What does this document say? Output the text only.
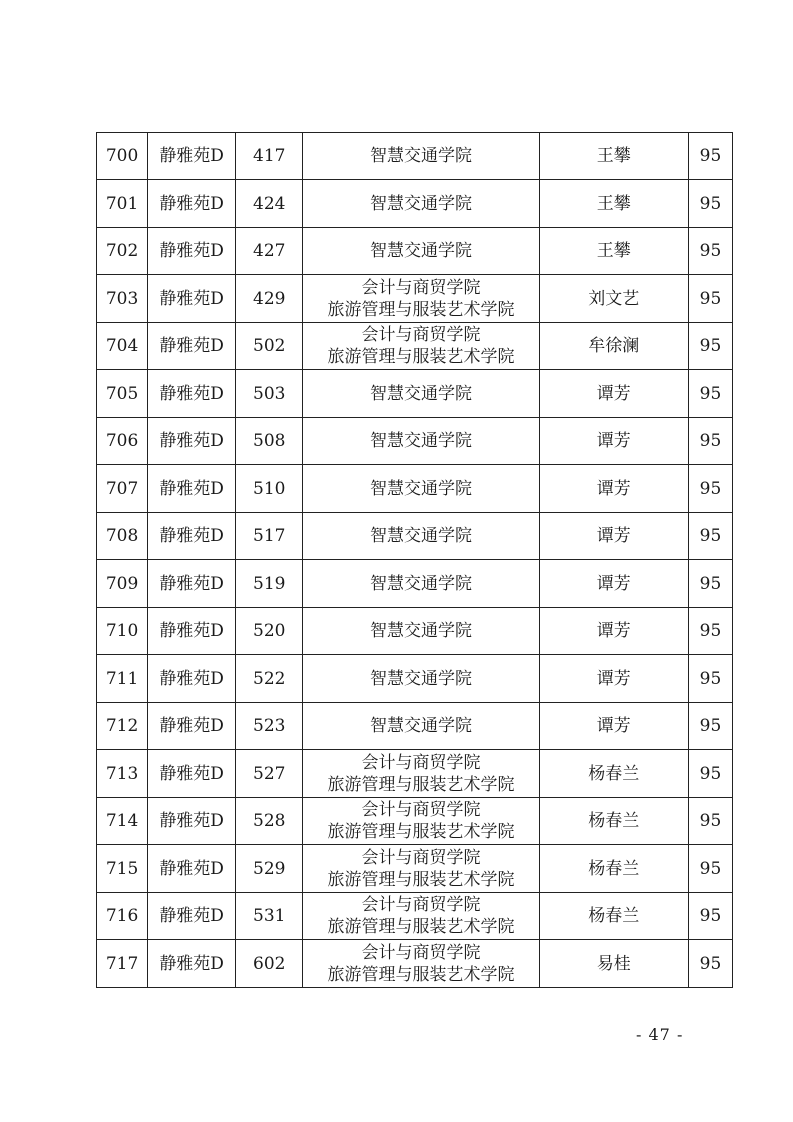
700	静雅苑D	417	智慧交通学院	王攀	95
701	静雅苑D	424	智慧交通学院	王攀	95
702	静雅苑D	427	智慧交通学院	王攀	95
703	静雅苑D	429	会计与商贸学院
旅游管理与服装艺术学院	刘文艺	95
704	静雅苑D	502	会计与商贸学院
旅游管理与服装艺术学院	牟徐澜	95
705	静雅苑D	503	智慧交通学院	谭芳	95
706	静雅苑D	508	智慧交通学院	谭芳	95
707	静雅苑D	510	智慧交通学院	谭芳	95
708	静雅苑D	517	智慧交通学院	谭芳	95
709	静雅苑D	519	智慧交通学院	谭芳	95
710	静雅苑D	520	智慧交通学院	谭芳	95
711	静雅苑D	522	智慧交通学院	谭芳	95
712	静雅苑D	523	智慧交通学院	谭芳	95
713	静雅苑D	527	会计与商贸学院
旅游管理与服装艺术学院	杨春兰	95
714	静雅苑D	528	会计与商贸学院
旅游管理与服装艺术学院	杨春兰	95
715	静雅苑D	529	会计与商贸学院
旅游管理与服装艺术学院	杨春兰	95
716	静雅苑D	531	会计与商贸学院
旅游管理与服装艺术学院	杨春兰	95
717	静雅苑D	602	会计与商贸学院
旅游管理与服装艺术学院	易桂	95
- 47 -
